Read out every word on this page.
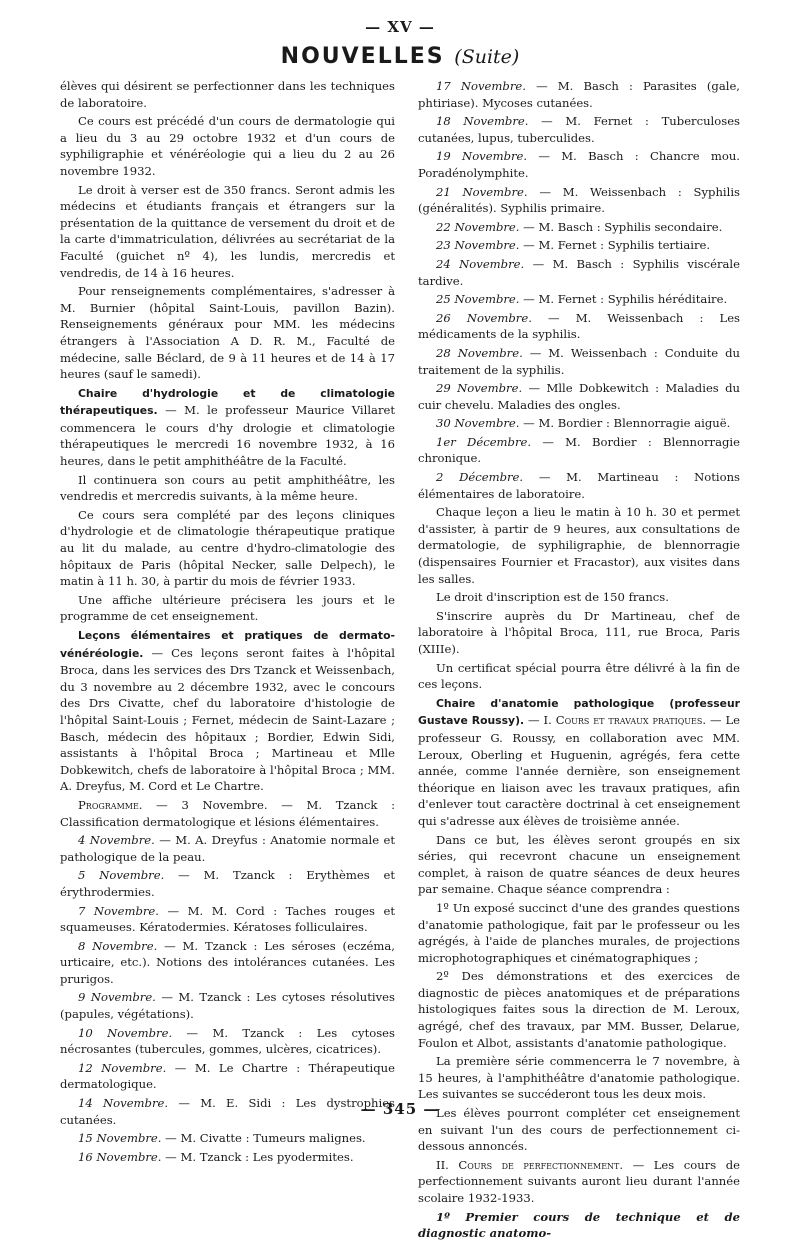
— XV —
NOUVELLES (Suite)

élèves qui désirent se perfectionner dans les techniques de laboratoire.

Ce cours est précédé d'un cours de dermatologie qui a lieu du 3 au 29 octobre 1932 et d'un cours de syphiligraphie et vénéréologie qui a lieu du 2 au 26 novembre 1932.

Le droit à verser est de 350 francs. Seront admis les médecins et étudiants français et étrangers sur la présentation de la quittance de versement du droit et de la carte d'immatriculation, délivrées au secrétariat de la Faculté (guichet nº 4), les lundis, mercredis et vendredis, de 14 à 16 heures.

Pour renseignements complémentaires, s'adresser à M. Burnier (hôpital Saint-Louis, pavillon Bazin). Renseignements généraux pour MM. les médecins étrangers à l'Association A D. R. M., Faculté de médecine, salle Béclard, de 9 à 11 heures et de 14 à 17 heures (sauf le samedi).

Chaire d'hydrologie et de climatologie thérapeutiques. — M. le professeur Maurice Villaret commencera le cours d'hy drologie et climatologie thérapeutiques le mercredi 16 novembre 1932, à 16 heures, dans le petit amphithéâtre de la Faculté.

Il continuera son cours au petit amphithéâtre, les vendredis et mercredis suivants, à la même heure.

Ce cours sera complété par des leçons cliniques d'hydrologie et de climatologie thérapeutique pratique au lit du malade, au centre d'hydro-climatologie des hôpitaux de Paris (hôpital Necker, salle Delpech), le matin à 11 h. 30, à partir du mois de février 1933.

Une affiche ultérieure précisera les jours et le programme de cet enseignement.

Leçons élémentaires et pratiques de dermato-vénéréologie. — Ces leçons seront faites à l'hôpital Broca, dans les services des Drs Tzanck et Weissenbach, du 3 novembre au 2 décembre 1932, avec le concours des Drs Civatte, chef du laboratoire d'histologie de l'hôpital Saint-Louis ; Fernet, médecin de Saint-Lazare ; Basch, médecin des hôpitaux ; Bordier, Edwin Sidi, assistants à l'hôpital Broca ; Martineau et Mlle Dobkewitch, chefs de laboratoire à l'hôpital Broca ; MM. A. Dreyfus, M. Cord et Le Chartre.

Programme. — 3 Novembre. — M. Tzanck : Classification dermatologique et lésions élémentaires.

4 Novembre. — M. A. Dreyfus : Anatomie normale et pathologique de la peau.

5 Novembre. — M. Tzanck : Erythèmes et érythrodermies.

7 Novembre. — M. M. Cord : Taches rouges et squameuses. Kératodermies. Kératoses folliculaires.

8 Novembre. — M. Tzanck : Les séroses (eczéma, urticaire, etc.). Notions des intolérances cutanées. Les prurigos.

9 Novembre. — M. Tzanck : Les cytoses résolutives (papules, végétations).

10 Novembre. — M. Tzanck : Les cytoses nécrosantes (tubercules, gommes, ulcères, cicatrices).

12 Novembre. — M. Le Chartre : Thérapeutique dermatologique.

14 Novembre. — M. E. Sidi : Les dystrophies cutanées.

15 Novembre. — M. Civatte : Tumeurs malignes.

16 Novembre. — M. Tzanck : Les pyodermites.

17 Novembre. — M. Basch : Parasites (gale, phtiriase). Mycoses cutanées.

18 Novembre. — M. Fernet : Tuberculoses cutanées, lupus, tuberculides.

19 Novembre. — M. Basch : Chancre mou. Poradénolymphite.

21 Novembre. — M. Weissenbach : Syphilis (généralités). Syphilis primaire.

22 Novembre. — M. Basch : Syphilis secondaire.

23 Novembre. — M. Fernet : Syphilis tertiaire.

24 Novembre. — M. Basch : Syphilis viscérale tardive.

25 Novembre. — M. Fernet : Syphilis héréditaire.

26 Novembre. — M. Weissenbach : Les médicaments de la syphilis.

28 Novembre. — M. Weissenbach : Conduite du traitement de la syphilis.

29 Novembre. — Mlle Dobkewitch : Maladies du cuir chevelu. Maladies des ongles.

30 Novembre. — M. Bordier : Blennorragie aiguë.

1er Décembre. — M. Bordier : Blennorragie chronique.

2 Décembre. — M. Martineau : Notions élémentaires de laboratoire.

Chaque leçon a lieu le matin à 10 h. 30 et permet d'assister, à partir de 9 heures, aux consultations de dermatologie, de syphiligraphie, de blennorragie (dispensaires Fournier et Fracastor), aux visites dans les salles.

Le droit d'inscription est de 150 francs.

S'inscrire auprès du Dr Martineau, chef de laboratoire à l'hôpital Broca, 111, rue Broca, Paris (XIIIe).

Un certificat spécial pourra être délivré à la fin de ces leçons.

Chaire d'anatomie pathologique (professeur Gustave Roussy). — I. Cours et travaux pratiques. — Le professeur G. Roussy, en collaboration avec MM. Leroux, Oberling et Huguenin, agrégés, fera cette année, comme l'année dernière, son enseignement théorique en liaison avec les travaux pratiques, afin d'enlever tout caractère doctrinal à cet enseignement qui s'adresse aux élèves de troisième année.

Dans ce but, les élèves seront groupés en six séries, qui recevront chacune un enseignement complet, à raison de quatre séances de deux heures par semaine. Chaque séance comprendra :

1º Un exposé succinct d'une des grandes questions d'anatomie pathologique, fait par le professeur ou les agrégés, à l'aide de planches murales, de projections microphotographiques et cinématographiques ;

2º Des démonstrations et des exercices de diagnostic de pièces anatomiques et de préparations histologiques faites sous la direction de M. Leroux, agrégé, chef des travaux, par MM. Busser, Delarue, Foulon et Albot, assistants d'anatomie pathologique.

La première série commencerra le 7 novembre, à 15 heures, à l'amphithéâtre d'anatomie pathologique. Les suivantes se succéderont tous les deux mois.

Les élèves pourront compléter cet enseignement en suivant l'un des cours de perfectionnement ci-dessous annoncés.

II. Cours de perfectionnement. — Les cours de perfectionnement suivants auront lieu durant l'année scolaire 1932-1933.

1º Premier cours de technique et de diagnostic anatomo-

— 345 —
